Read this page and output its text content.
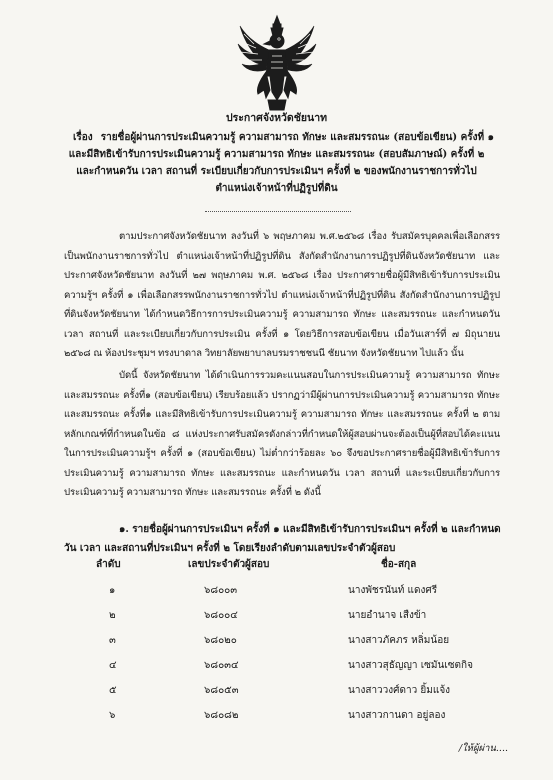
ประกาศจังหวัดชัยนาท
เรื่อง รายชื่อผู้ผ่านการประเมินความรู้ ความสามารถ ทักษะ และสมรรถนะ (สอบข้อเขียน) ครั้งที่ ๑
และมีสิทธิเข้ารับการประเมินความรู้ ความสามารถ ทักษะ และสมรรถนะ (สอบสัมภาษณ์) ครั้งที่ ๒
และกำหนดวัน เวลา สถานที่ ระเบียบเกี่ยวกับการประเมินฯ ครั้งที่ ๒ ของพนักงานราชการทั่วไป
ตำแหน่งเจ้าหน้าที่ปฏิรูปที่ดิน

ตามประกาศจังหวัดชัยนาท ลงวันที่ ๖ พฤษภาคม พ.ศ.๒๕๖๘ เรื่อง รับสมัครบุคคลเพื่อเลือกสรรเป็นพนักงานราชการทั่วไป ตำแหน่งเจ้าหน้าที่ปฏิรูปที่ดิน สังกัดสำนักงานการปฏิรูปที่ดินจังหวัดชัยนาท และประกาศจังหวัดชัยนาท ลงวันที่ ๒๗ พฤษภาคม พ.ศ. ๒๕๖๘ เรื่อง ประกาศรายชื่อผู้มีสิทธิเข้ารับการประเมินความรู้ฯ ครั้งที่ ๑ เพื่อเลือกสรรพนักงานราชการทั่วไป ตำแหน่งเจ้าหน้าที่ปฏิรูปที่ดิน สังกัดสำนักงานการปฏิรูปที่ดินจังหวัดชัยนาท ได้กำหนดวิธีการการประเมินความรู้ ความสามารถ ทักษะ และสมรรถนะ และกำหนดวัน เวลา สถานที่ และระเบียบเกี่ยวกับการประเมิน ครั้งที่ ๑ โดยวิธีการสอบข้อเขียน เมื่อวันเสาร์ที่ ๗ มิถุนายน ๒๕๖๘ ณ ห้องประชุมฯ ทรงบาดาล วิทยาลัยพยาบาลบรมราชชนนี ชัยนาท จังหวัดชัยนาท ไปแล้ว นั้น

บัดนี้ จังหวัดชัยนาท ได้ดำเนินการรวมคะแนนสอบในการประเมินความรู้ ความสามารถ ทักษะ และสมรรถนะ ครั้งที่๑ (สอบข้อเขียน) เรียบร้อยแล้ว ปรากฏว่ามีผู้ผ่านการประเมินความรู้ ความสามารถ ทักษะ และสมรรถนะ ครั้งที่๑ และมีสิทธิเข้ารับการประเมินความรู้ ความสามารถ ทักษะ และสมรรถนะ ครั้งที่ ๒ ตามหลักเกณฑ์ที่กำหนดในข้อ ๘ แห่งประกาศรับสมัครดังกล่าวที่กำหนดให้ผู้สอบผ่านจะต้องเป็นผู้ที่สอบได้คะแนนในการประเมินความรู้ฯ ครั้งที่ ๑ (สอบข้อเขียน) ไม่ต่ำกว่าร้อยละ ๖๐ จึงขอประกาศรายชื่อผู้มีสิทธิเข้ารับการประเมินความรู้ ความสามารถ ทักษะ และสมรรถนะ และกำหนดวัน เวลา สถานที่ และระเบียบเกี่ยวกับการประเมินความรู้ ความสามารถ ทักษะ และสมรรถนะ ครั้งที่ ๒ ดังนี้

๑. รายชื่อผู้ผ่านการประเมินฯ ครั้งที่ ๑ และมีสิทธิเข้ารับการประเมินฯ ครั้งที่ ๒ และกำหนดวัน เวลา และสถานที่ประเมินฯ ครั้งที่ ๒ โดยเรียงลำดับตามเลขประจำตัวผู้สอบ

ลำดับ	เลขประจำตัวผู้สอบ	ชื่อ-สกุล
๑	๖๘๐๐๓	นางพัชรนันท์ แดงศรี
๒	๖๘๐๐๔	นายอำนาจ เสืงข้า
๓	๖๘๐๒๐	นางสาวภัคภร หลิ่มน้อย
๔	๖๘๐๓๔	นางสาวสุธัญญา เซมันเซตกิจ
๕	๖๘๐๕๓	นางสาววงศ์ดาว ยิ้มแจ้ง
๖	๖๘๐๘๒	นางสาวกานดา อยู่ลอง
/ให้ผู้ผ่าน....
